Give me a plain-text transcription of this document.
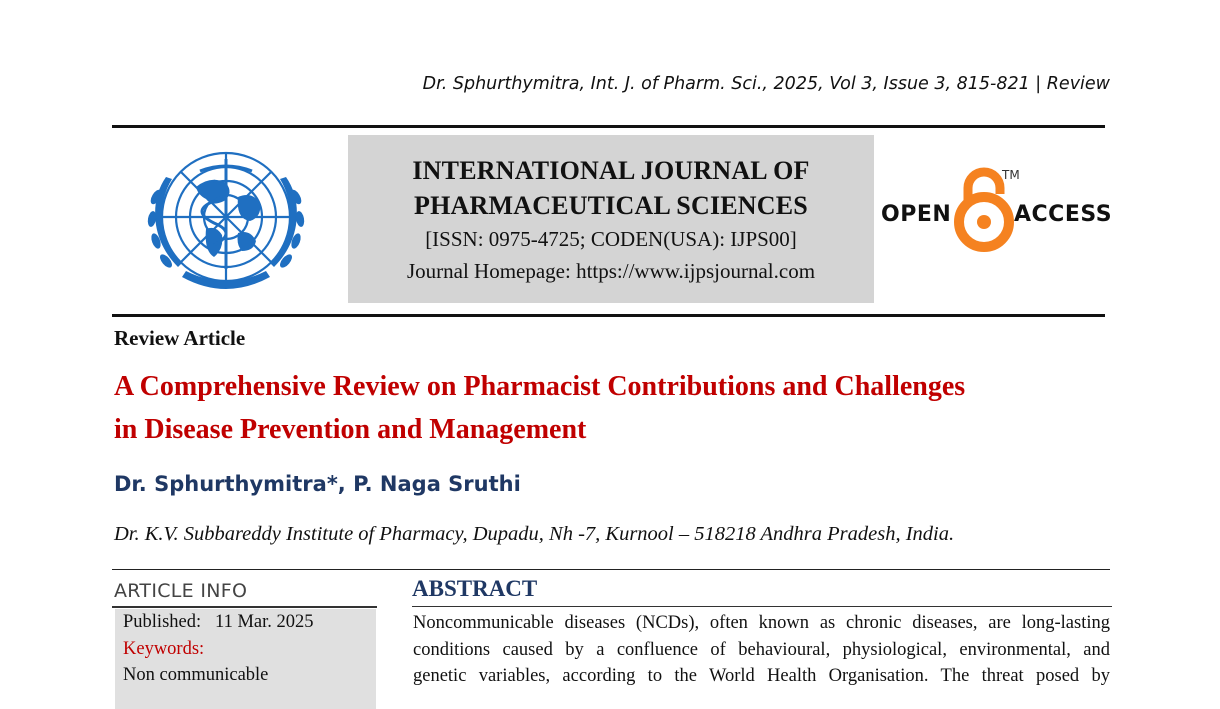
Dr. Sphurthymitra, Int. J. of Pharm. Sci., 2025, Vol 3, Issue 3, 815-821 | Review
INTERNATIONAL JOURNAL OF
PHARMACEUTICAL SCIENCES
[ISSN: 0975-4725; CODEN(USA): IJPS00]
Journal Homepage: https://www.ijpsjournal.com
OPEN
TM
ACCESS
Review Article
A Comprehensive Review on Pharmacist Contributions and Challenges
in Disease Prevention and Management
Dr. Sphurthymitra*, P. Naga Sruthi
Dr. K.V. Subbareddy Institute of Pharmacy, Dupadu, Nh -7, Kurnool – 518218 Andhra Pradesh, India.
ARTICLE INFO
Published: 11 Mar. 2025
Keywords:
Non communicable
ABSTRACT
Noncommunicable diseases (NCDs), often known as chronic diseases, are long-lasting
conditions caused by a confluence of behavioural, physiological, environmental, and
genetic variables, according to the World Health Organisation. The threat posed by
